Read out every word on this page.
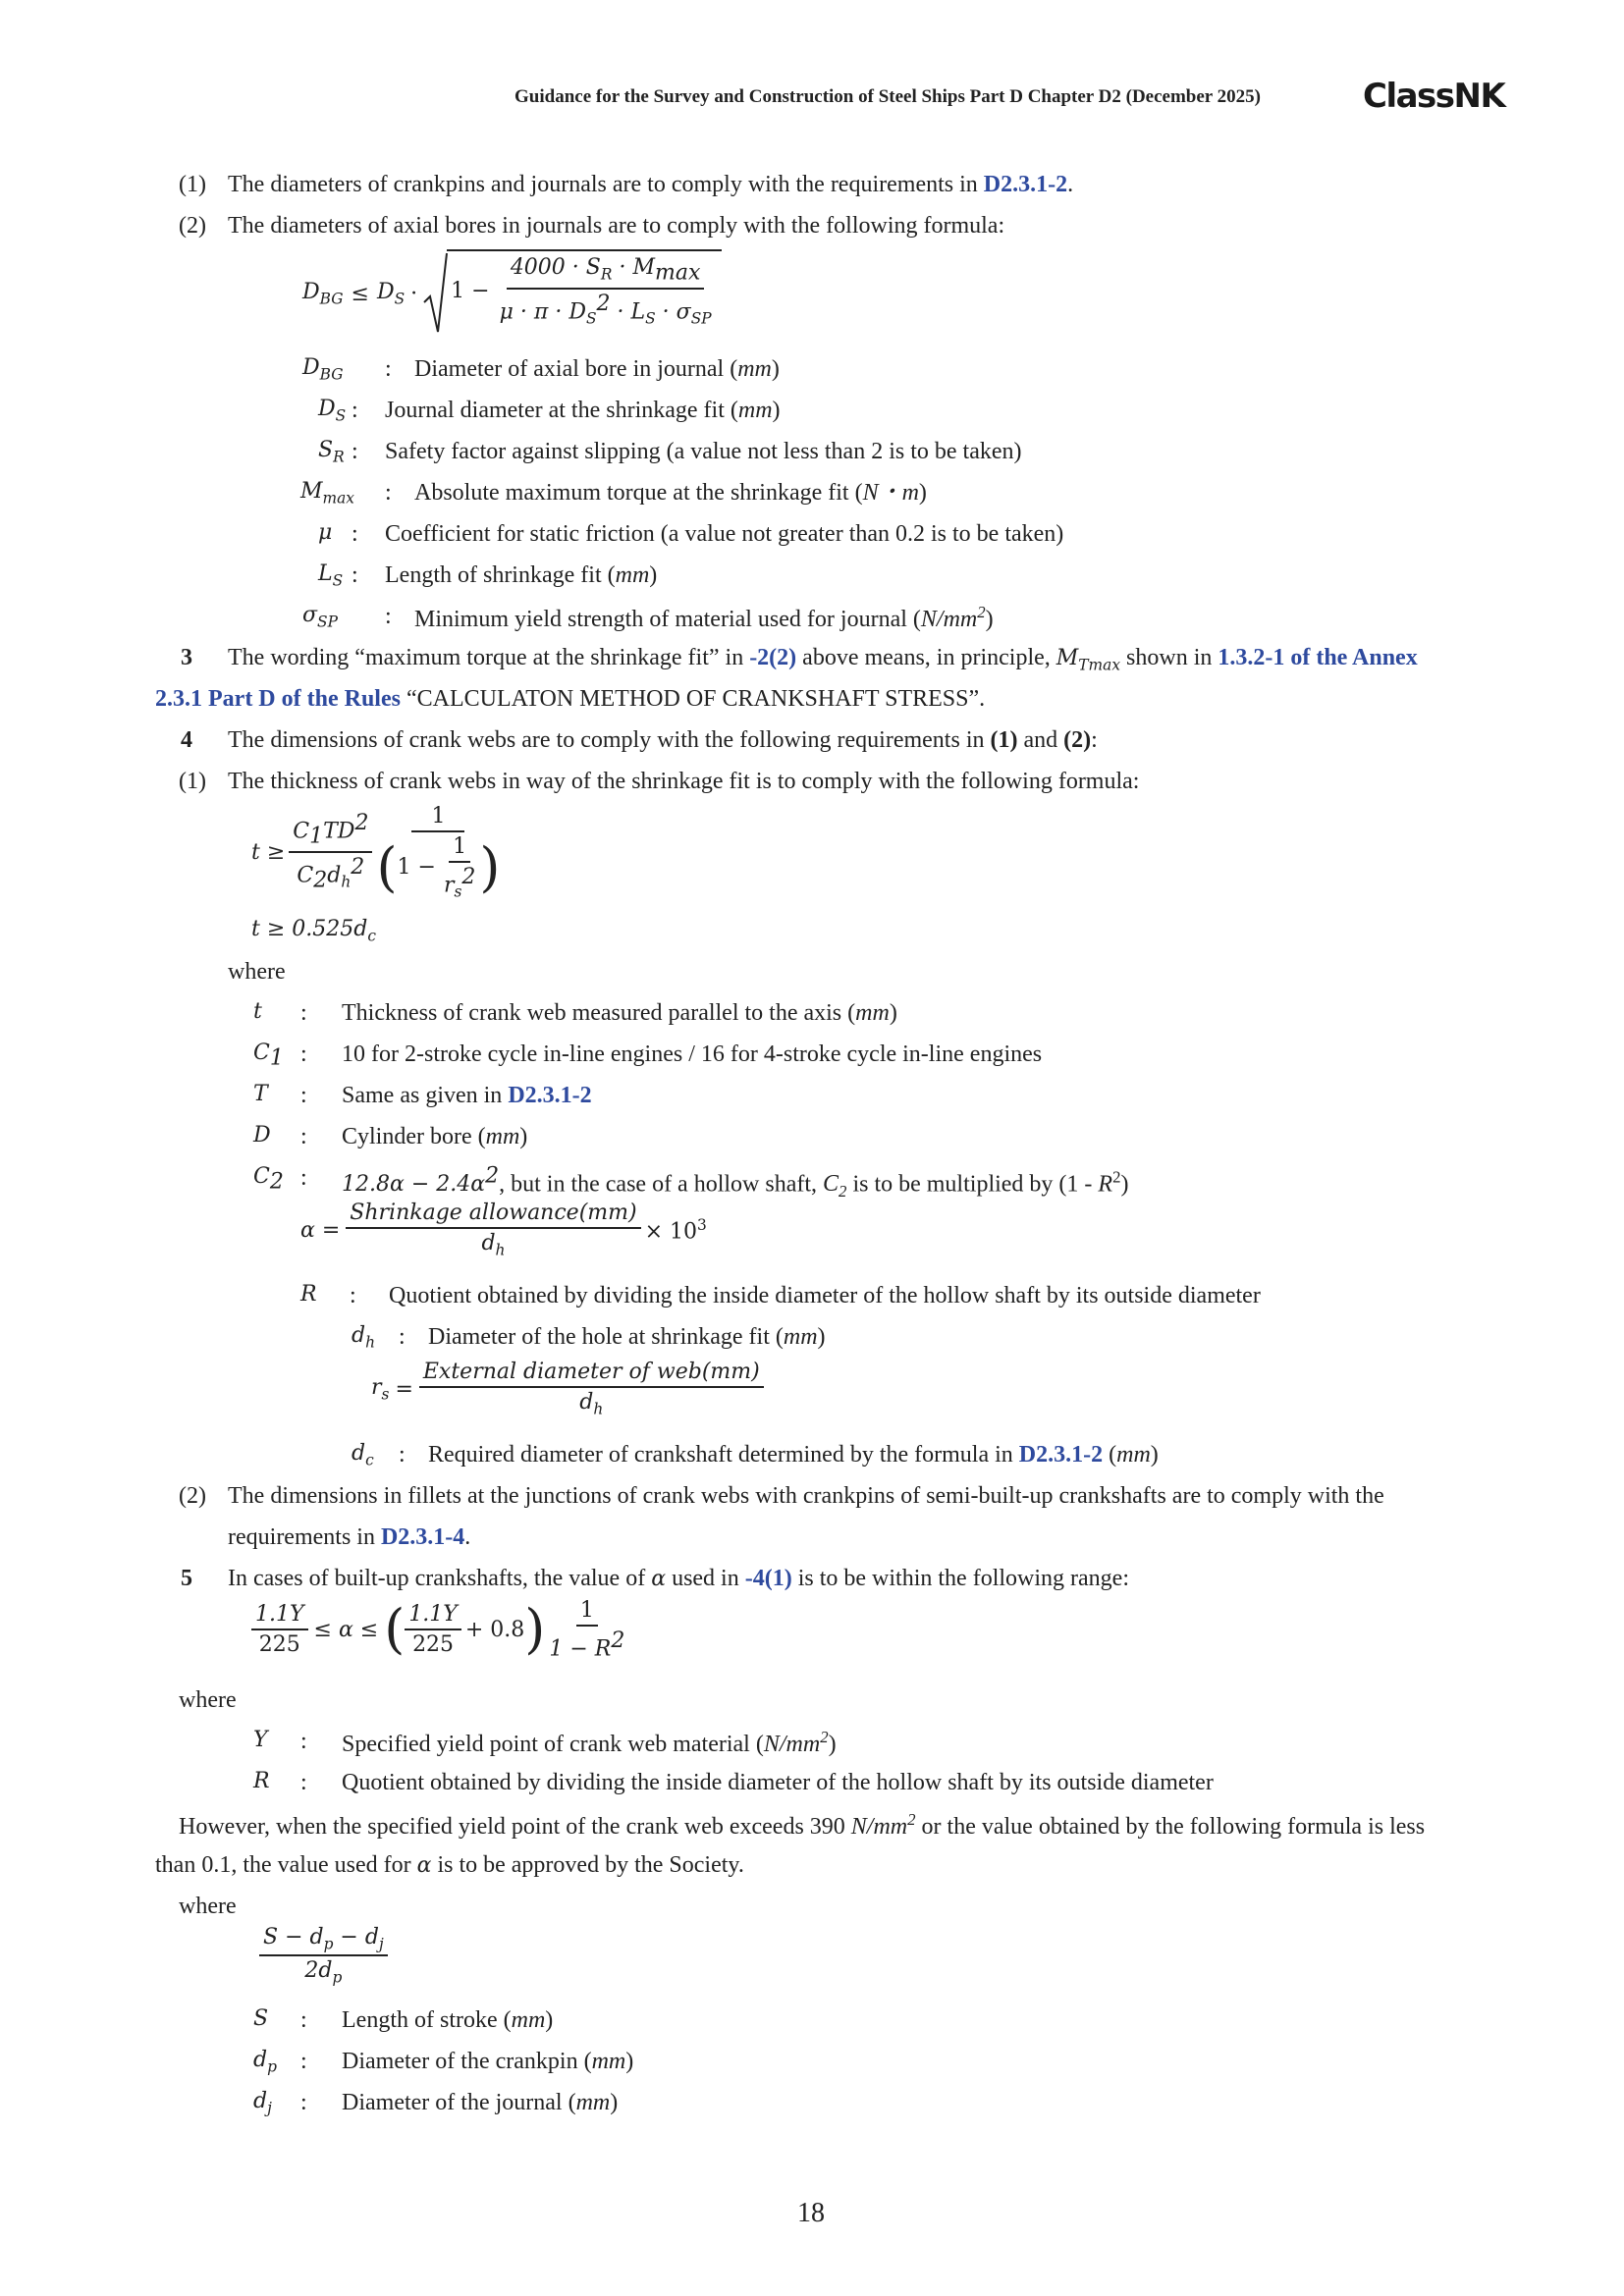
Guidance for the Survey and Construction of Steel Ships Part D Chapter D2 (December 2025)	ClassNK
(1) The diameters of crankpins and journals are to comply with the requirements in D2.3.1-2.
(2) The diameters of axial bores in journals are to comply with the following formula:
$D_{BG} \le D_S \cdot 1 - \frac{4000 \cdot S_R \cdot M_{max}}{\mu \cdot \pi \cdot D_S^2 \cdot L_S \cdot \sigma_{SP}}$
$D_{BG}$ : Diameter of axial bore in journal (mm)
$D_S$ : Journal diameter at the shrinkage fit (mm)
$S_R$ : Safety factor against slipping (a value not less than 2 is to be taken)
$M_{max}$ : Absolute maximum torque at the shrinkage fit (N・m)
μ : Coefficient for static friction (a value not greater than 0.2 is to be taken)
$L_S$ : Length of shrinkage fit (mm)
$\sigma_{SP}$ : Minimum yield strength of material used for journal $(N/mm^2)$
3 The wording “maximum torque at the shrinkage fit” in -2(2) above means, in principle, $M_{Tmax}$ shown in 1.3.2-1 of the Annex
2.3.1 Part D of the Rules “CALCULATON METHOD OF CRANKSHAFT STRESS”.
4 The dimensions of crank webs are to comply with the following requirements in (1) and (2):
(1) The thickness of crank webs in way of the shrinkage fit is to comply with the following formula:
$t \ge \frac{C_1TD^2}{C_2d_h^2} \frac{1}{( 1 - \frac{1}{r_s^2} )}$
$t \ge 0.525d_c$
where
t : Thickness of crank web measured parallel to the axis (mm)
$C_1$ : 10 for 2-stroke cycle in-line engines / 16 for 4-stroke cycle in-line engines
T : Same as given in D2.3.1-2
D : Cylinder bore (mm)
$C_2$ : $12.8\alpha - 2.4\alpha^2$, but in the case of a hollow shaft, $C_2$ is to be multiplied by $(1 - R^2)$
$\alpha = \frac{\text{Shrinkage allowance(mm)}}{d_h} \times 10^3$
R : Quotient obtained by dividing the inside diameter of the hollow shaft by its outside diameter
$d_h$ : Diameter of the hole at shrinkage fit (mm)
$r_s = \frac{\text{External diameter of web(mm)}}{d_h}$
$d_c$ : Required diameter of crankshaft determined by the formula in D2.3.1-2 (mm)
(2) The dimensions in fillets at the junctions of crank webs with crankpins of semi-built-up crankshafts are to comply with the
requirements in D2.3.1-4.
5 In cases of built-up crankshafts, the value of α used in -4(1) is to be within the following range:
$\frac{1.1Y}{225} \le \alpha$ ≤ ( $\frac{1.1Y}{225} + 0.8$ ) $\frac{1}{1 - R^2}$
where
Y : Specified yield point of crank web material $(N/mm^2)$
R : Quotient obtained by dividing the inside diameter of the hollow shaft by its outside diameter
However, when the specified yield point of the crank web exceeds 390 $N/mm^2$ or the value obtained by the following formula is less
than 0.1, the value used for α is to be approved by the Society.
where
$\frac{S - d_p - d_j}{2d_p}$
S : Length of stroke (mm)
$d_p$ : Diameter of the crankpin (mm)
$d_j$ : Diameter of the journal (mm)
18
